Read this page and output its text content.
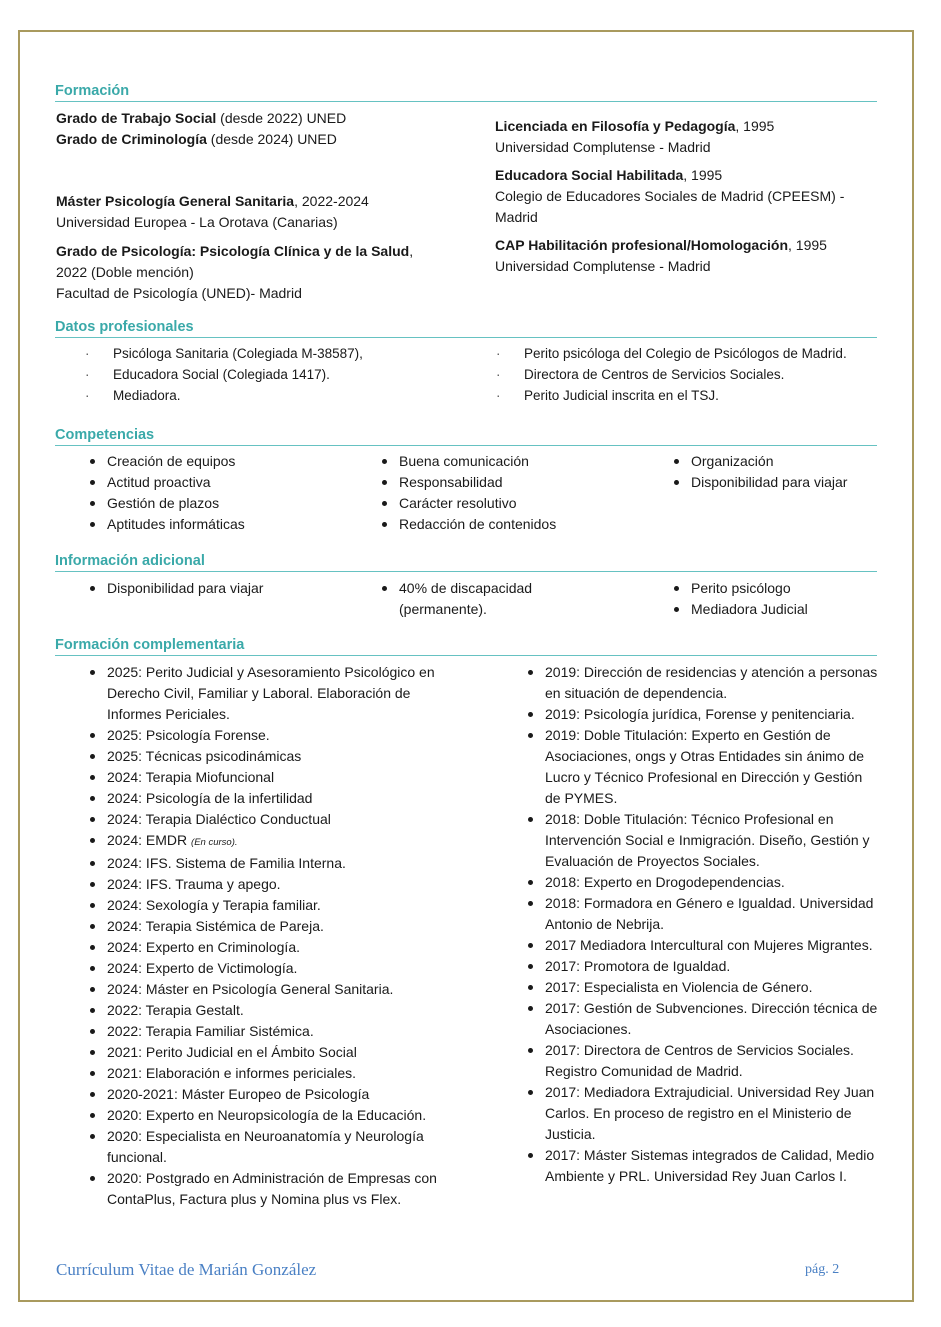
Formación

Grado de Trabajo Social (desde 2022) UNED

Grado de Criminología (desde 2024) UNED

Máster Psicología General Sanitaria, 2022-2024
Universidad Europea - La Orotava (Canarias)

Grado de Psicología: Psicología Clínica y de la Salud,
2022 (Doble mención)
Facultad de Psicología (UNED)- Madrid

Licenciada en Filosofía y Pedagogía, 1995
Universidad Complutense - Madrid

Educadora Social Habilitada, 1995
Colegio de Educadores Sociales de Madrid (CPEESM) -
Madrid

CAP Habilitación profesional/Homologación, 1995
Universidad Complutense - Madrid

Datos profesionales
· Psicóloga Sanitaria (Colegiada M-38587),
· Educadora Social (Colegiada 1417).
· Mediadora.
· Perito psicóloga del Colegio de Psicólogos de Madrid.
· Directora de Centros de Servicios Sociales.
· Perito Judicial inscrita en el TSJ.
Competencias
Creación de equipos
Actitud proactiva
Gestión de plazos
Aptitudes informáticas
Buena comunicación
Responsabilidad
Carácter resolutivo
Redacción de contenidos
Organización
Disponibilidad para viajar
Información adicional
Disponibilidad para viajar	40% de discapacidad (permanente).
Perito psicólogo
Mediadora Judicial
Formación complementaria
2025: Perito Judicial y Asesoramiento Psicológico en Derecho Civil, Familiar y Laboral. Elaboración de Informes Periciales.
2025: Psicología Forense.
2025: Técnicas psicodinámicas
2024: Terapia Miofuncional
2024: Psicología de la infertilidad
2024: Terapia Dialéctico Conductual
2024: EMDR (En curso).
2024: IFS. Sistema de Familia Interna.
2024: IFS. Trauma y apego.
2024: Sexología y Terapia familiar.
2024: Terapia Sistémica de Pareja.
2024: Experto en Criminología.
2024: Experto de Victimología.
2024: Máster en Psicología General Sanitaria.
2022: Terapia Gestalt.
2022: Terapia Familiar Sistémica.
2021: Perito Judicial en el Ámbito Social
2021: Elaboración e informes periciales.
2020-2021: Máster Europeo de Psicología
2020: Experto en Neuropsicología de la Educación.
2020: Especialista en Neuroanatomía y Neurología funcional.
2020: Postgrado en Administración de Empresas con ContaPlus, Factura plus y Nomina plus vs Flex.
2019: Dirección de residencias y atención a personas en situación de dependencia.
2019: Psicología jurídica, Forense y penitenciaria.
2019: Doble Titulación: Experto en Gestión de Asociaciones, ongs y Otras Entidades sin ánimo de Lucro y Técnico Profesional en Dirección y Gestión de PYMES.
2018: Doble Titulación: Técnico Profesional en Intervención Social e Inmigración. Diseño, Gestión y Evaluación de Proyectos Sociales.
2018: Experto en Drogodependencias.
2018: Formadora en Género e Igualdad. Universidad Antonio de Nebrija.
2017 Mediadora Intercultural con Mujeres Migrantes.
2017: Promotora de Igualdad.
2017: Especialista en Violencia de Género.
2017: Gestión de Subvenciones. Dirección técnica de Asociaciones.
2017: Directora de Centros de Servicios Sociales. Registro Comunidad de Madrid.
2017: Mediadora Extrajudicial. Universidad Rey Juan Carlos. En proceso de registro en el Ministerio de Justicia.
2017: Máster Sistemas integrados de Calidad, Medio Ambiente y PRL. Universidad Rey Juan Carlos I.
Currículum Vitae de Marián González	pág. 2
